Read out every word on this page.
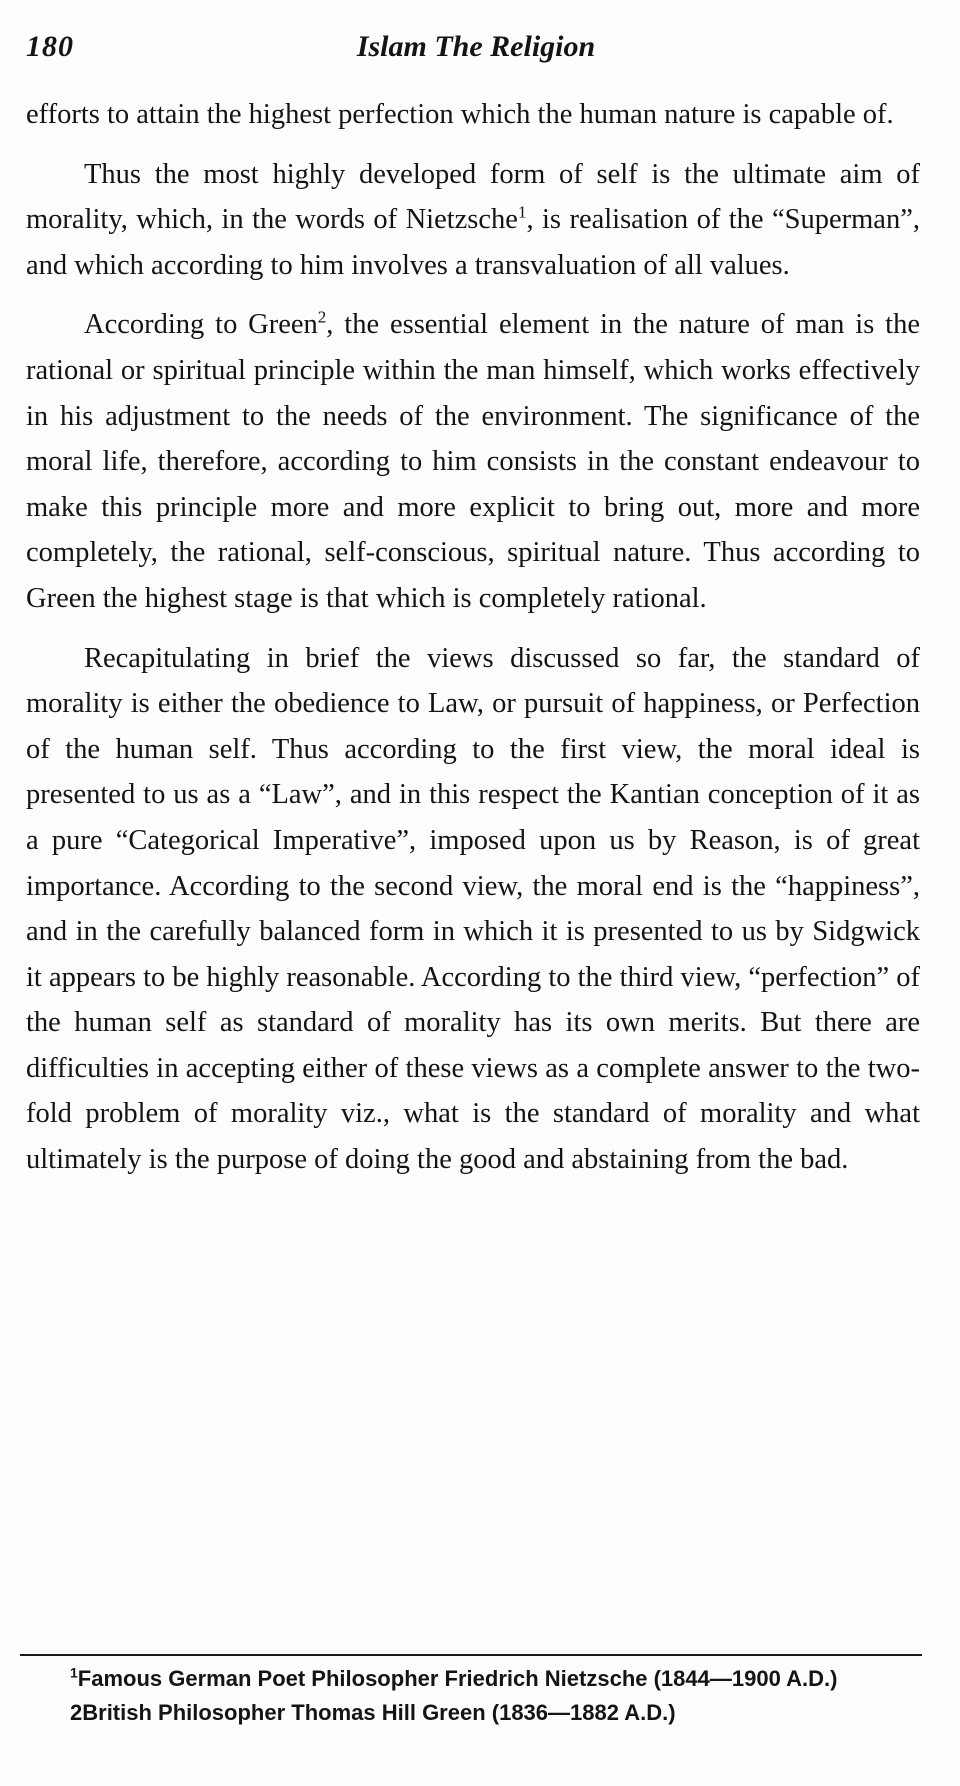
180	Islam The Religion

efforts to attain the highest perfection which the human nature is capable of.

Thus the most highly developed form of self is the ultimate aim of morality, which, in the words of Nietzsche$^1$, is realisation of the “Superman”, and which according to him involves a transvaluation of all values.

According to Green$^2$, the essential element in the nature of man is the rational or spiritual principle within the man himself, which works effectively in his adjustment to the needs of the environment. The significance of the moral life, therefore, according to him consists in the constant endeavour to make this principle more and more explicit to bring out, more and more completely, the rational, self-conscious, spiritual nature. Thus according to Green the highest stage is that which is completely rational.

Recapitulating in brief the views discussed so far, the standard of morality is either the obedience to Law, or pursuit of happiness, or Perfection of the human self. Thus according to the first view, the moral ideal is presented to us as a “Law”, and in this respect the Kantian conception of it as a pure “Categorical Imperative”, imposed upon us by Reason, is of great importance. According to the second view, the moral end is the “happiness”, and in the carefully balanced form in which it is presented to us by Sidgwick it appears to be highly reasonable. According to the third view, “perfection” of the human self as standard of morality has its own merits. But there are difficulties in accepting either of these views as a complete answer to the two-fold problem of morality viz., what is the standard of morality and what ultimately is the purpose of doing the good and abstaining from the bad.

$^1$Famous German Poet Philosopher Friedrich Nietzsche (1844—1900 A.D.)

2British Philosopher Thomas Hill Green (1836—1882 A.D.)
